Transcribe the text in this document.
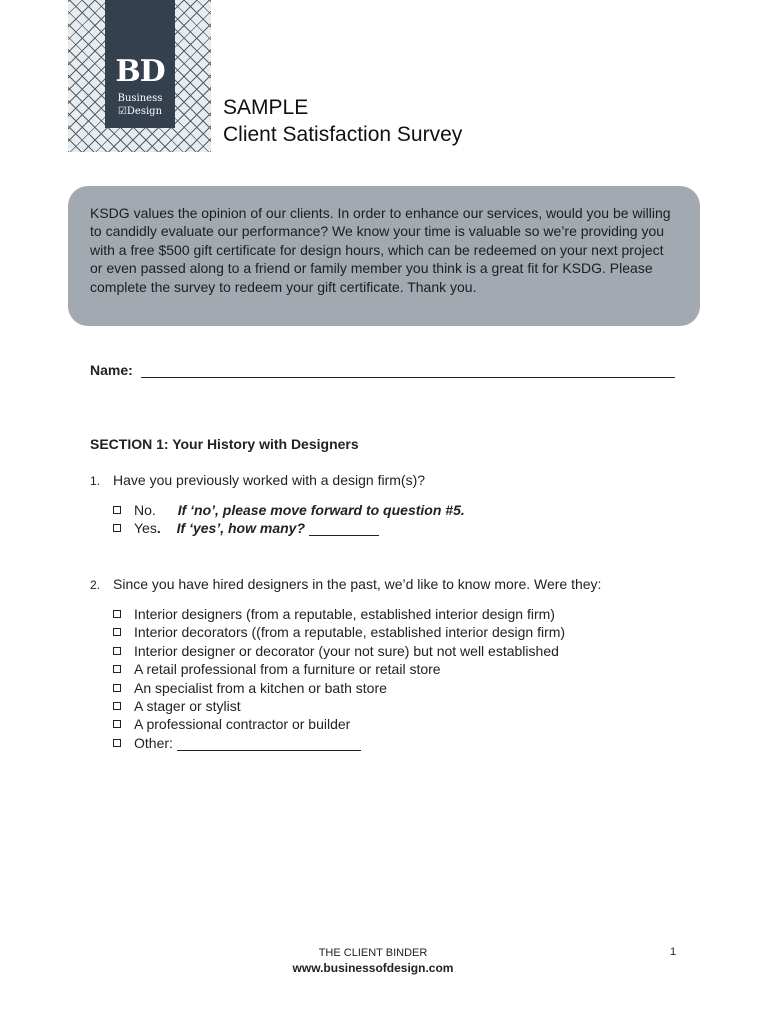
BD
Business
☑Design	SAMPLE
Client Satisfaction Survey
KSDG values the opinion of our clients. In order to enhance our services, would you be willing to candidly evaluate our performance? We know your time is valuable so we’re providing you with a free $500 gift certificate for design hours, which can be redeemed on your next project or even passed along to a friend or family member you think is a great fit for KSDG. Please complete the survey to redeem your gift certificate. Thank you.
Name:
SECTION 1: Your History with Designers
1. Have you previously worked with a design firm(s)?
No. If ‘no’, please move forward to question #5.
Yes. If ‘yes’, how many?
2. Since you have hired designers in the past, we’d like to know more. Were they:
Interior designers (from a reputable, established interior design firm)
Interior decorators ((from a reputable, established interior design firm)
Interior designer or decorator (your not sure) but not well established
A retail professional from a furniture or retail store
An specialist from a kitchen or bath store
A stager or stylist
A professional contractor or builder
Other:
THE CLIENT BINDER
www.businessofdesign.com
1
